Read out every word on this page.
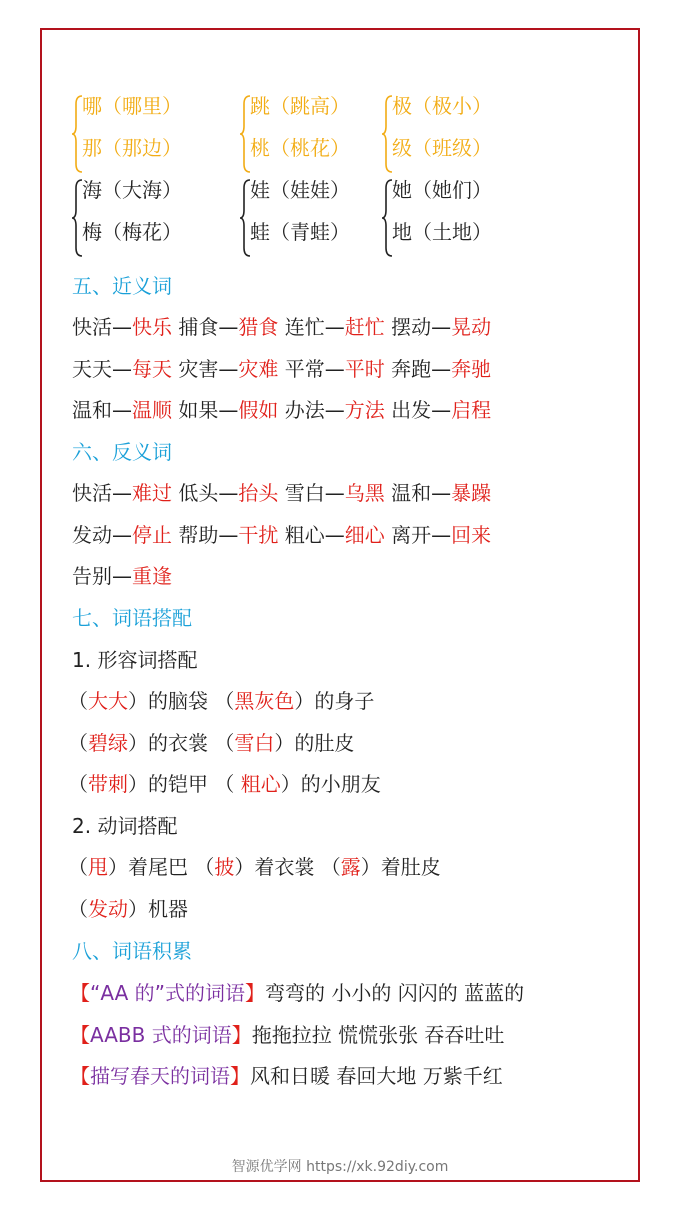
哪（哪里）
那（那边）
跳（跳高）
桃（桃花）
极（极小）
级（班级）
海（大海）
梅（梅花）
娃（娃娃）
蛙（青蛙）
她（她们）
地（土地）
五、近义词
快活—快乐 捕食—猎食 连忙—赶忙 摆动—晃动
天天—每天 灾害—灾难 平常—平时 奔跑—奔驰
温和—温顺 如果—假如 办法—方法 出发—启程
六、反义词
快活—难过 低头—抬头 雪白—乌黑 温和—暴躁
发动—停止 帮助—干扰 粗心—细心 离开—回来
告别—重逢
七、词语搭配
1. 形容词搭配
（大大）的脑袋 （黑灰色）的身子
（碧绿）的衣裳 （雪白）的肚皮
（带刺）的铠甲 （ 粗心）的小朋友
2. 动词搭配
（甩）着尾巴 （披）着衣裳 （露）着肚皮
（发动）机器
八、词语积累
【“AA 的”式的词语】弯弯的 小小的 闪闪的 蓝蓝的
【AABB 式的词语】拖拖拉拉 慌慌张张 吞吞吐吐
【描写春天的词语】风和日暖 春回大地 万紫千红
智源优学网 https://xk.92diy.com
